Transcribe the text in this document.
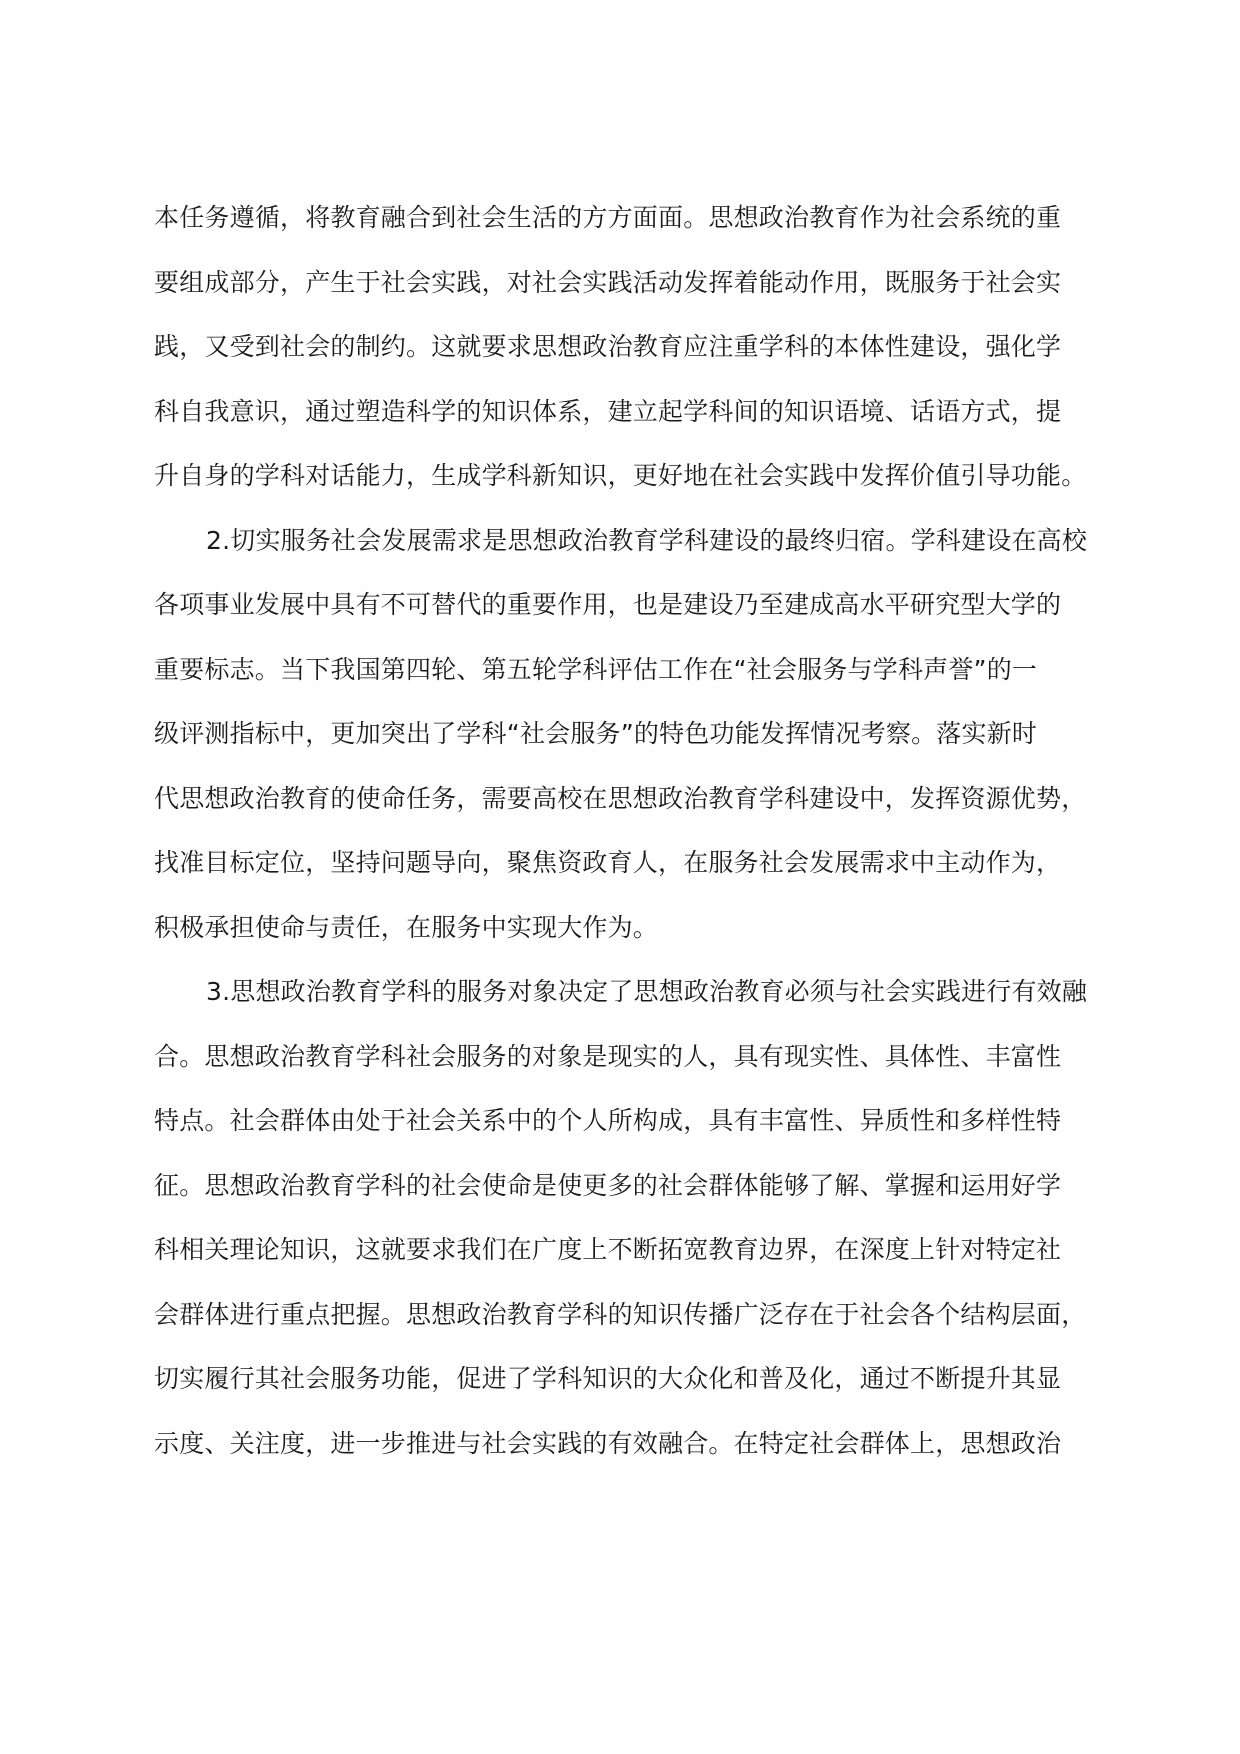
本任务遵循，将教育融合到社会生活的方方面面。思想政治教育作为社会系统的重
要组成部分，产生于社会实践，对社会实践活动发挥着能动作用，既服务于社会实
践，又受到社会的制约。这就要求思想政治教育应注重学科的本体性建设，强化学
科自我意识，通过塑造科学的知识体系，建立起学科间的知识语境、话语方式，提
升自身的学科对话能力，生成学科新知识，更好地在社会实践中发挥价值引导功能。
2.切实服务社会发展需求是思想政治教育学科建设的最终归宿。学科建设在高校
各项事业发展中具有不可替代的重要作用，也是建设乃至建成高水平研究型大学的
重要标志。当下我国第四轮、第五轮学科评估工作在“社会服务与学科声誉”的一
级评测指标中，更加突出了学科“社会服务”的特色功能发挥情况考察。落实新时
代思想政治教育的使命任务，需要高校在思想政治教育学科建设中，发挥资源优势，
找准目标定位，坚持问题导向，聚焦资政育人，在服务社会发展需求中主动作为，
积极承担使命与责任，在服务中实现大作为。
3.思想政治教育学科的服务对象决定了思想政治教育必须与社会实践进行有效融
合。思想政治教育学科社会服务的对象是现实的人，具有现实性、具体性、丰富性
特点。社会群体由处于社会关系中的个人所构成，具有丰富性、异质性和多样性特
征。思想政治教育学科的社会使命是使更多的社会群体能够了解、掌握和运用好学
科相关理论知识，这就要求我们在广度上不断拓宽教育边界，在深度上针对特定社
会群体进行重点把握。思想政治教育学科的知识传播广泛存在于社会各个结构层面，
切实履行其社会服务功能，促进了学科知识的大众化和普及化，通过不断提升其显
示度、关注度，进一步推进与社会实践的有效融合。在特定社会群体上，思想政治
